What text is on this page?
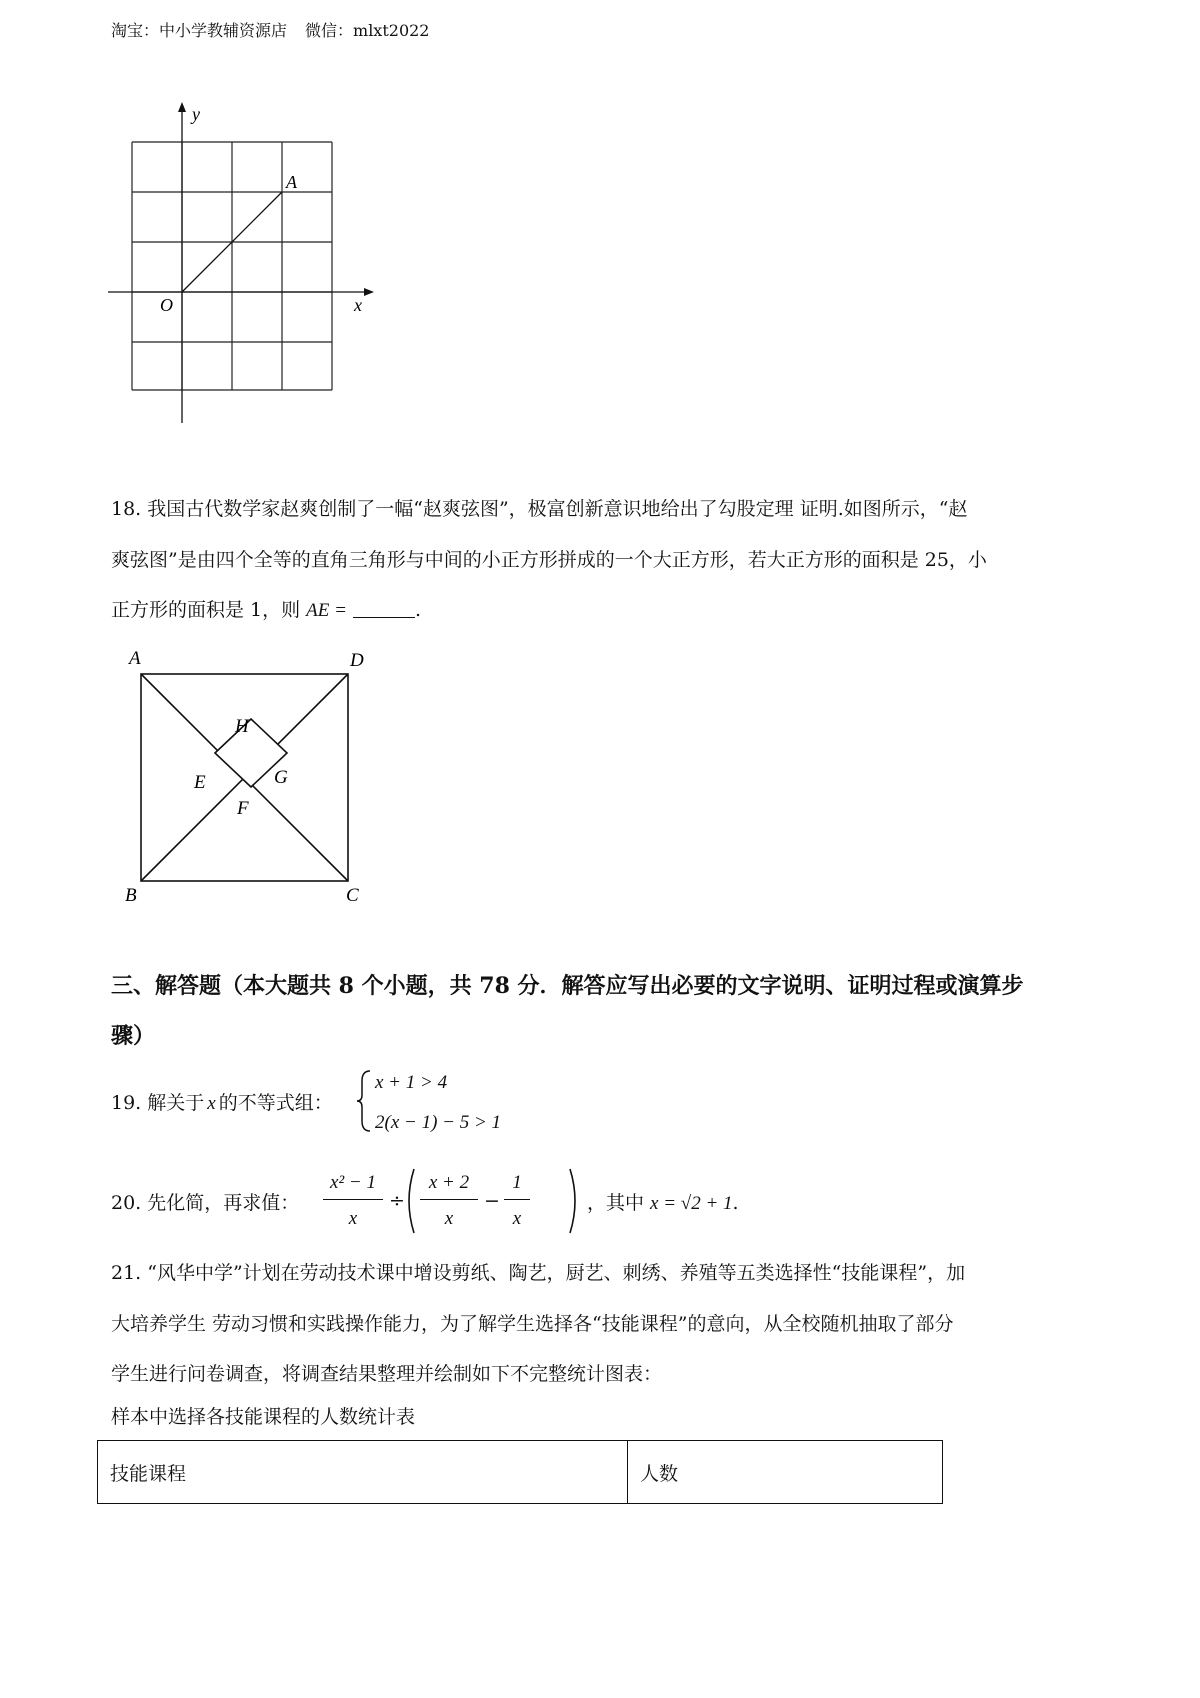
淘宝：中小学教辅资源店 微信：mlxt2022
y
x
O
A
18. 我国古代数学家赵爽创制了一幅“赵爽弦图”，极富创新意识地给出了勾股定理 证明.如图所示，“赵
爽弦图”是由四个全等的直角三角形与中间的小正方形拼成的一个大正方形，若大正方形的面积是 25，小
正方形的面积是 1，则 AE =	.
A	D
B	C
H
E	G
F
三、解答题（本大题共 8 个小题，共 78 分．解答应写出必要的文字说明、证明过程或演算步
骤）
19. 解关于 x 的不等式组：
x + 1 > 4
2(x − 1) − 5 > 1
20. 先化简，再求值：
x² − 1
x
÷
x + 2
x
−
1
x
，其中 x = √2 + 1.
21. “风华中学”计划在劳动技术课中增设剪纸、陶艺，厨艺、刺绣、养殖等五类选择性“技能课程”，加
大培养学生 劳动习惯和实践操作能力，为了解学生选择各“技能课程”的意向，从全校随机抽取了部分
学生进行问卷调查，将调查结果整理并绘制如下不完整统计图表：
样本中选择各技能课程的人数统计表
技能课程	人数
